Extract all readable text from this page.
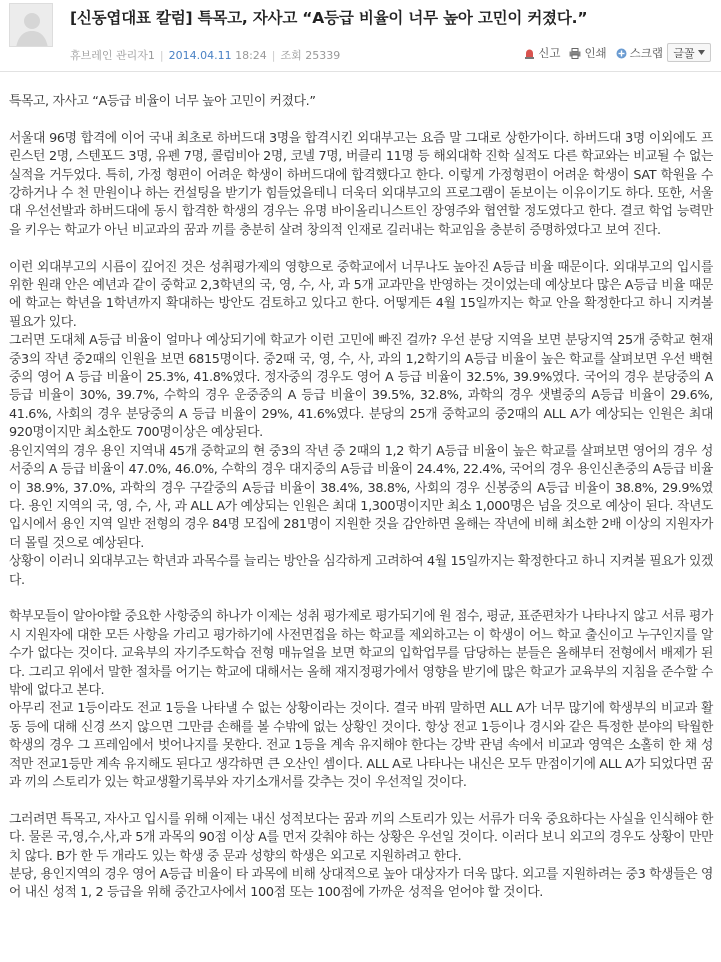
[신동엽대표 칼럼] 특목고, 자사고 “A등급 비율이 너무 높아 고민이 커졌다.”
휴브레인 관리자1 | 2014.04.11 18:24 | 조회 25339	신고 인쇄 스크랩 글꼴

특목고, 자사고 “A등급 비율이 너무 높아 고민이 커졌다.”

서울대 96명 합격에 이어 국내 최초로 하버드대 3명을 합격시킨 외대부고는 요즘 말 그대로 상한가이다. 하버드대 3명 이외에도 프린스턴 2명, 스텐포드 3명, 유펜 7명, 콜럼비아 2명, 코넬 7명, 버클리 11명 등 해외대학 진학 실적도 다른 학교와는 비교될 수 없는 실적을 거두었다. 특히, 가정 형편이 어려운 학생이 하버드대에 합격했다고 한다. 이렇게 가정형편이 어려운 학생이 SAT 학원을 수강하거나 수 천 만원이나 하는 컨설팅을 받기가 힘들었을테니 더욱더 외대부고의 프로그램이 돋보이는 이유이기도 하다. 또한, 서울대 우선선발과 하버드대에 동시 합격한 학생의 경우는 유명 바이올리니스트인 장영주와 협연할 정도였다고 한다. 결코 학업 능력만을 키우는 학교가 아닌 비교과의 꿈과 끼를 충분히 살려 창의적 인재로 길러내는 학교임을 충분히 증명하였다고 보여 진다.

이런 외대부고의 시름이 깊어진 것은 성취평가제의 영향으로 중학교에서 너무나도 높아진 A등급 비율 때문이다. 외대부고의 입시를 위한 원래 안은 예년과 같이 중학교 2,3학년의 국, 영, 수, 사, 과 5개 교과만을 반영하는 것이었는데 예상보다 많은 A등급 비율 때문에 학교는 학년을 1학년까지 확대하는 방안도 검토하고 있다고 한다. 어떻게든 4월 15일까지는 학교 안을 확정한다고 하니 지켜볼 필요가 있다.

그러면 도대체 A등급 비율이 얼마나 예상되기에 학교가 이런 고민에 빠진 걸까? 우선 분당 지역을 보면 분당지역 25개 중학교 현재 중3의 작년 중2때의 인원을 보면 6815명이다. 중2때 국, 영, 수, 사, 과의 1,2학기의 A등급 비율이 높은 학교를 살펴보면 우선 백현중의 영어 A 등급 비율이 25.3%, 41.8%였다. 정자중의 경우도 영어 A 등급 비율이 32.5%, 39.9%였다. 국어의 경우 분당중의 A 등급 비율이 30%, 39.7%, 수학의 경우 운중중의 A 등급 비율이 39.5%, 32.8%, 과학의 경우 샛별중의 A등급 비율이 29.6%, 41.6%, 사회의 경우 분당중의 A 등급 비율이 29%, 41.6%였다. 분당의 25개 중학교의 중2때의 ALL A가 예상되는 인원은 최대 920명이지만 최소한도 700명이상은 예상된다.

용인지역의 경우 용인 지역내 45개 중학교의 현 중3의 작년 중 2때의 1,2 학기 A등급 비율이 높은 학교를 살펴보면 영어의 경우 성서중의 A 등급 비율이 47.0%, 46.0%, 수학의 경우 대지중의 A등급 비율이 24.4%, 22.4%, 국어의 경우 용인신촌중의 A등급 비율이 38.9%, 37.0%, 과학의 경우 구갈중의 A등급 비율이 38.4%, 38.8%, 사회의 경우 신봉중의 A등급 비율이 38.8%, 29.9%였다. 용인 지역의 국, 영, 수, 사, 과 ALL A가 예상되는 인원은 최대 1,300명이지만 최소 1,000명은 넘을 것으로 예상이 된다. 작년도 입시에서 용인 지역 일반 전형의 경우 84명 모집에 281명이 지원한 것을 감안하면 올해는 작년에 비해 최소한 2배 이상의 지원자가 더 몰릴 것으로 예상된다.

상황이 이러니 외대부고는 학년과 과목수를 늘리는 방안을 심각하게 고려하여 4월 15일까지는 확정한다고 하니 지켜볼 필요가 있겠다.

학부모들이 알아야할 중요한 사항중의 하나가 이제는 성취 평가제로 평가되기에 원 점수, 평균, 표준편차가 나타나지 않고 서류 평가 시 지원자에 대한 모든 사항을 가리고 평가하기에 사전면접을 하는 학교를 제외하고는 이 학생이 어느 학교 출신이고 누구인지를 알 수가 없다는 것이다. 교육부의 자기주도학습 전형 매뉴얼을 보면 학교의 입학업무를 담당하는 분들은 올해부터 전형에서 배제가 된다. 그리고 위에서 말한 절차를 어기는 학교에 대해서는 올해 재지정평가에서 영향을 받기에 많은 학교가 교육부의 지침을 준수할 수밖에 없다고 본다.

아무리 전교 1등이라도 전교 1등을 나타낼 수 없는 상황이라는 것이다. 결국 바꿔 말하면 ALL A가 너무 많기에 학생부의 비교과 활동 등에 대해 신경 쓰지 않으면 그만큼 손해를 볼 수밖에 없는 상황인 것이다. 항상 전교 1등이나 경시와 같은 특정한 분야의 탁월한 학생의 경우 그 프레임에서 벗어나지를 못한다. 전교 1등을 계속 유지해야 한다는 강박 관념 속에서 비교과 영역은 소홀히 한 채 성적만 전교1등만 계속 유지해도 된다고 생각하면 큰 오산인 셈이다. ALL A로 나타나는 내신은 모두 만점이기에 ALL A가 되었다면 꿈과 끼의 스토리가 있는 학교생활기록부와 자기소개서를 갖추는 것이 우선적일 것이다.

그러려면 특목고, 자사고 입시를 위해 이제는 내신 성적보다는 꿈과 끼의 스토리가 있는 서류가 더욱 중요하다는 사실을 인식해야 한다. 물론 국,영,수,사,과 5개 과목의 90점 이상 A를 먼저 갖춰야 하는 상황은 우선일 것이다. 이러다 보니 외고의 경우도 상황이 만만치 않다. B가 한 두 개라도 있는 학생 중 문과 성향의 학생은 외고로 지원하려고 한다.

분당, 용인지역의 경우 영어 A등급 비율이 타 과목에 비해 상대적으로 높아 대상자가 더욱 많다. 외고를 지원하려는 중3 학생들은 영어 내신 성적 1, 2 등급을 위해 중간고사에서 100점 또는 100점에 가까운 성적을 얻어야 할 것이다.
